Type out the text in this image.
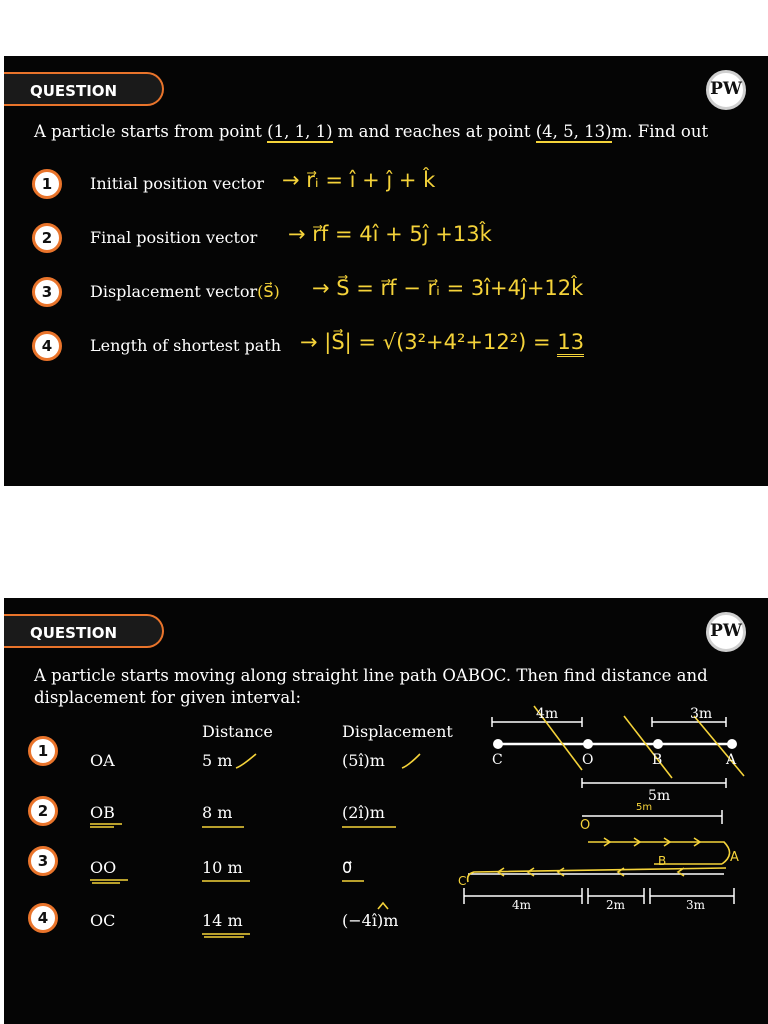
QUESTION	PW
A particle starts from point (1, 1, 1) m and reaches at point (4, 5, 13)m. Find out
1	Initial position vector → r⃗ᵢ = î + ĵ + k̂
2	Final position vector → r⃗f = 4î + 5ĵ +13k̂
3	Displacement vector(S⃗) → S⃗ = r⃗f − r⃗ᵢ = 3î+4ĵ+12k̂
4	Length of shortest path → |S⃗| = √(3²+4²+12²) = 13
QUESTION	PW
A particle starts moving along straight line path OABOC. Then find distance and
displacement for given interval:
Distance	Displacement
1	OA	5 m	(5î)m
2	OB	8 m	(2î)m
3	OO	10 m	0⃗
4	OC	14 m	(−4î)m
4m	3m
C	O	B	A
5m
5m
O
B	A
C
4m	2m	3m
